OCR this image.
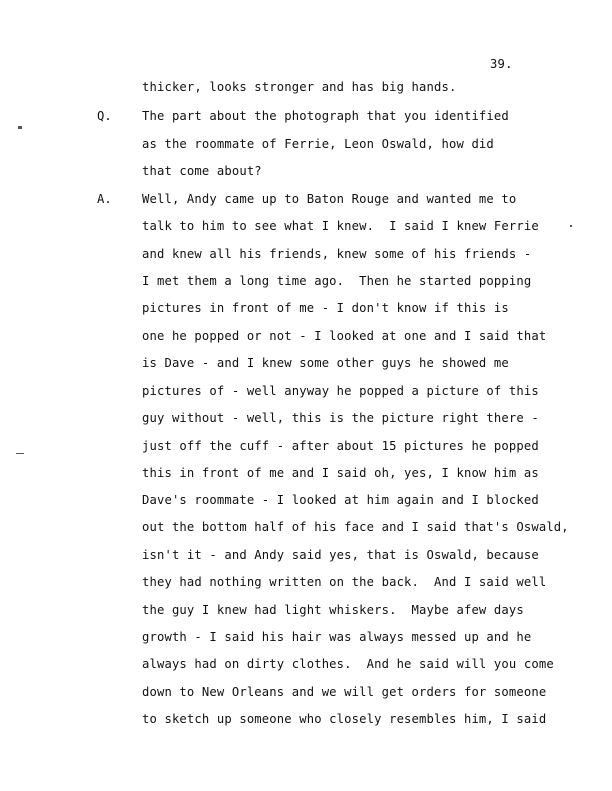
39.
thicker, looks stronger and has big hands.
Q. The part about the photograph that you identified
as the roommate of Ferrie, Leon Oswald, how did
that come about?
A. Well, Andy came up to Baton Rouge and wanted me to
talk to him to see what I knew.  I said I knew Ferrie
and knew all his friends, knew some of his friends -
I met them a long time ago.  Then he started popping
pictures in front of me - I don't know if this is
one he popped or not - I looked at one and I said that
is Dave - and I knew some other guys he showed me
pictures of - well anyway he popped a picture of this
guy without - well, this is the picture right there -
just off the cuff - after about 15 pictures he popped
this in front of me and I said oh, yes, I know him as
Dave's roommate - I looked at him again and I blocked
out the bottom half of his face and I said that's Oswald,
isn't it - and Andy said yes, that is Oswald, because
they had nothing written on the back.  And I said well
the guy I knew had light whiskers.  Maybe afew days
growth - I said his hair was always messed up and he
always had on dirty clothes.  And he said will you come
down to New Orleans and we will get orders for someone
to sketch up someone who closely resembles him, I said
